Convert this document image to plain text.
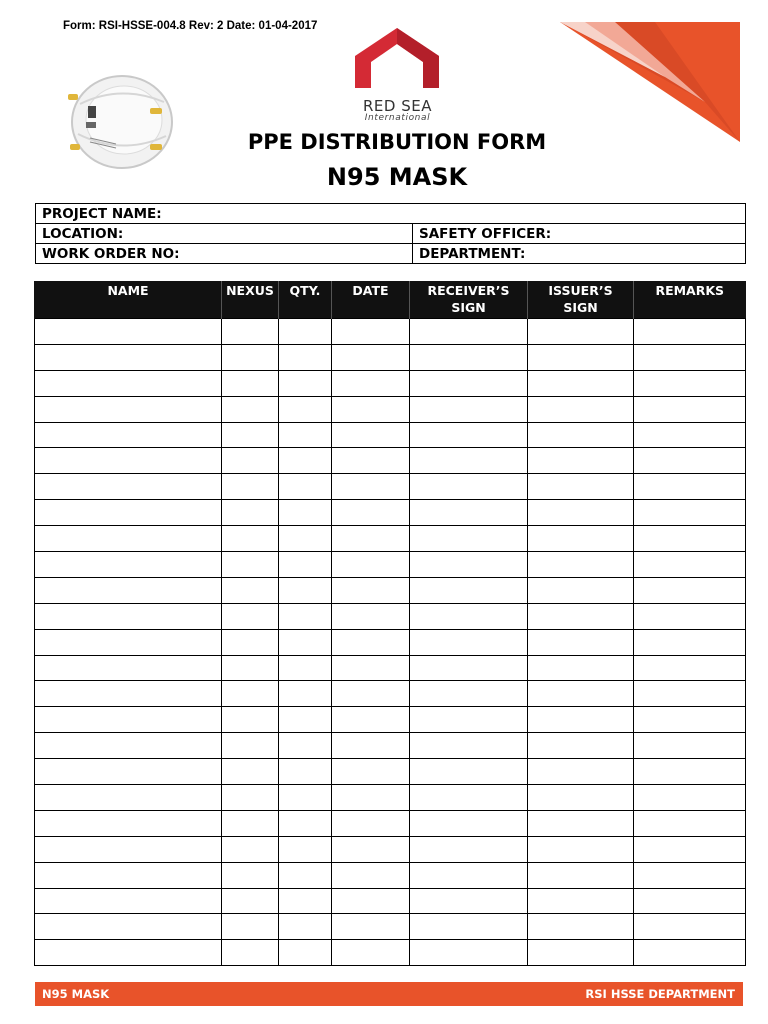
Form: RSI-HSSE-004.8 Rev: 2 Date: 01-04-2017
RED SEA
International
PPE DISTRIBUTION FORM
N95 MASK
PROJECT NAME:	
LOCATION:	SAFETY OFFICER:
WORK ORDER NO:	DEPARTMENT:
NAME	NEXUS	QTY.	DATE	RECEIVER’S SIGN	ISSUER’S SIGN	REMARKS

N95 MASK	RSI HSSE DEPARTMENT
